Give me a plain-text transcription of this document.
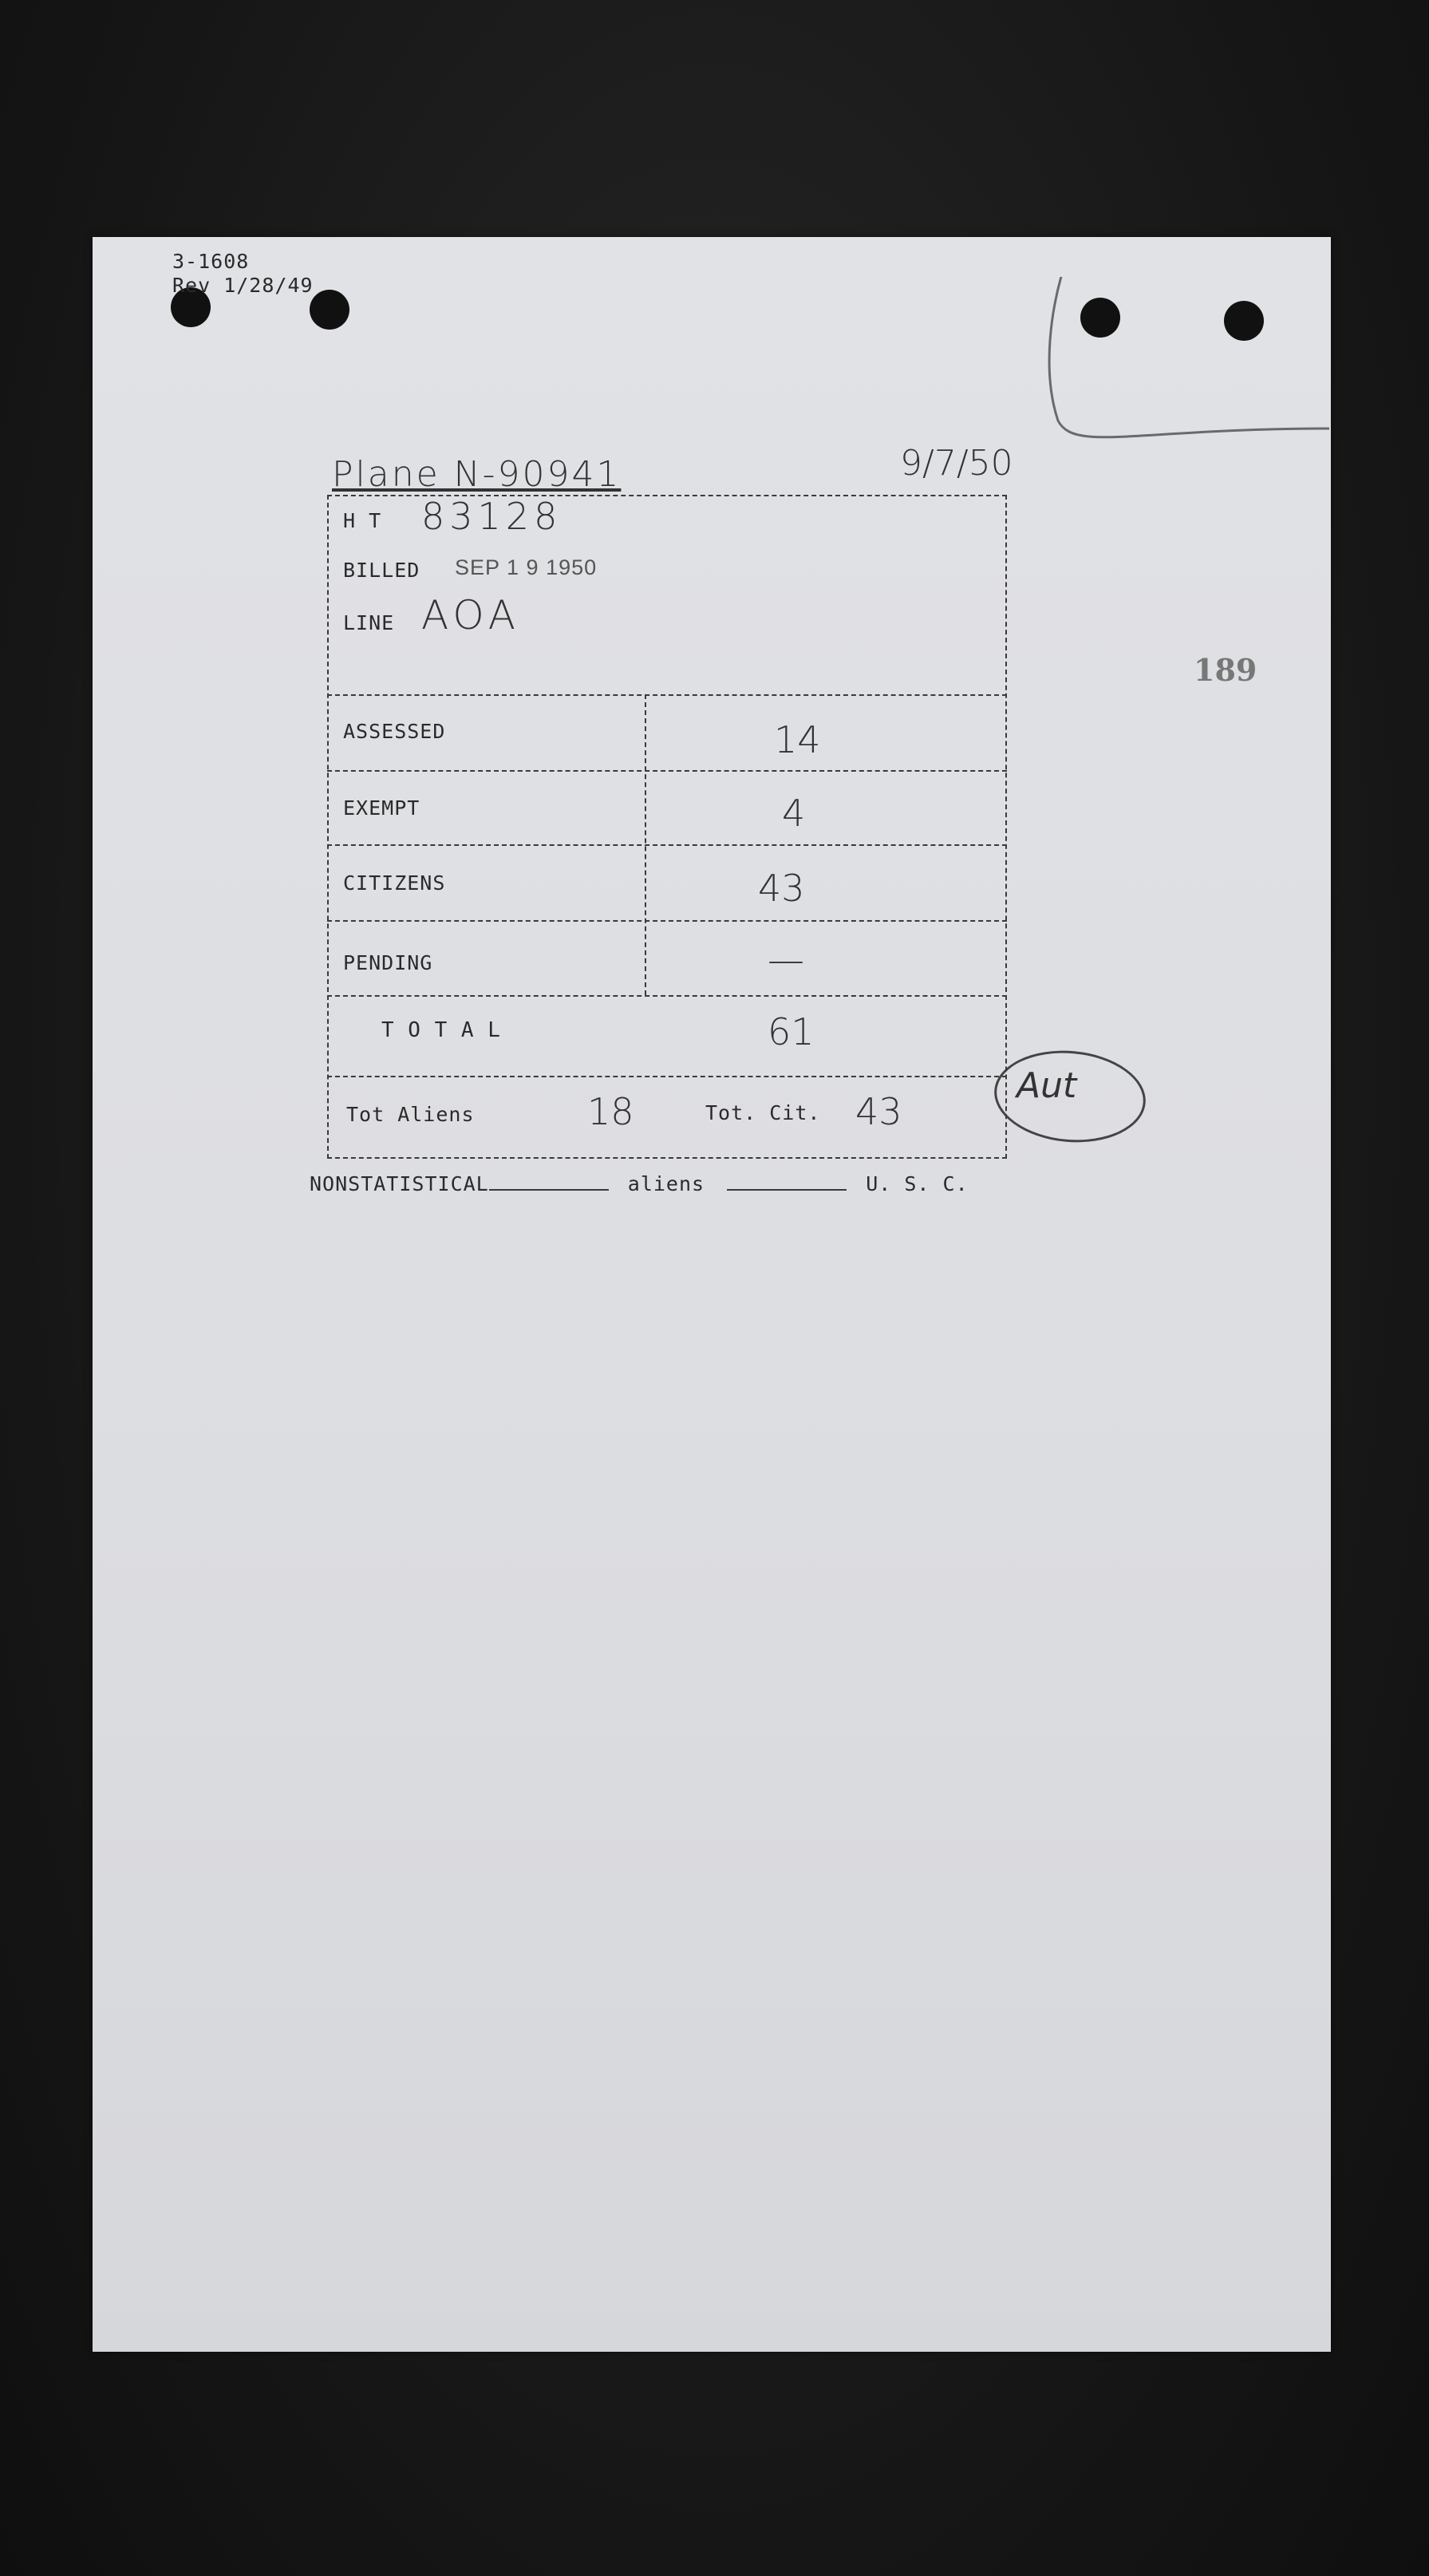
3-1608
Rev 1/28/49
Plane N-90941	9/7/50
189
Aut
NONSTATISTICAL	aliens	U. S. C.
H T 83128
BILLED SEP 1 9 1950
LINE AOA
ASSESSED	14
EXEMPT	4
CITIZENS	43
PENDING	—
T O T A L	61
Tot Aliens	18	Tot. Cit. 43
